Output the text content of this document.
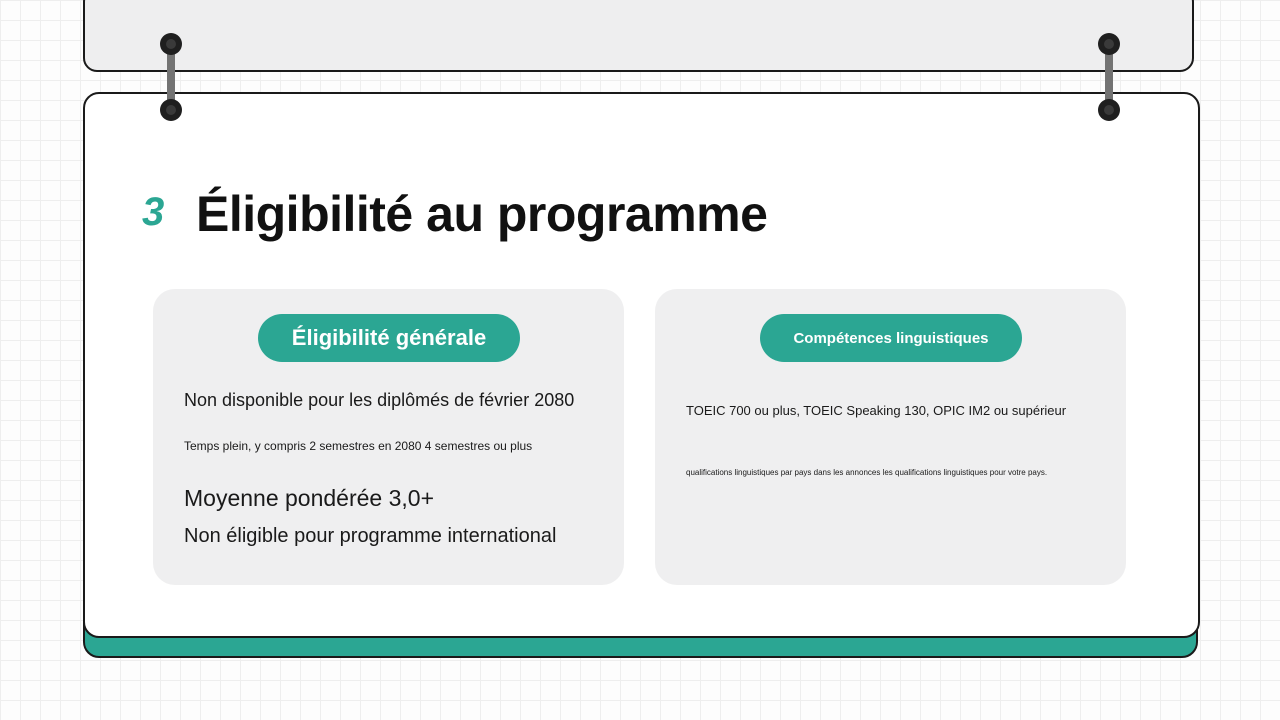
3 Éligibilité au programme
Éligibilité générale
Non disponible pour les diplômés de février 2080
Temps plein, y compris 2 semestres en 2080 4 semestres ou plus
Moyenne pondérée 3,0+
Non éligible pour programme international
Compétences linguistiques
TOEIC 700 ou plus, TOEIC Speaking 130, OPIC IM2 ou supérieur
qualifications linguistiques par pays dans les annonces les qualifications linguistiques pour votre pays.
